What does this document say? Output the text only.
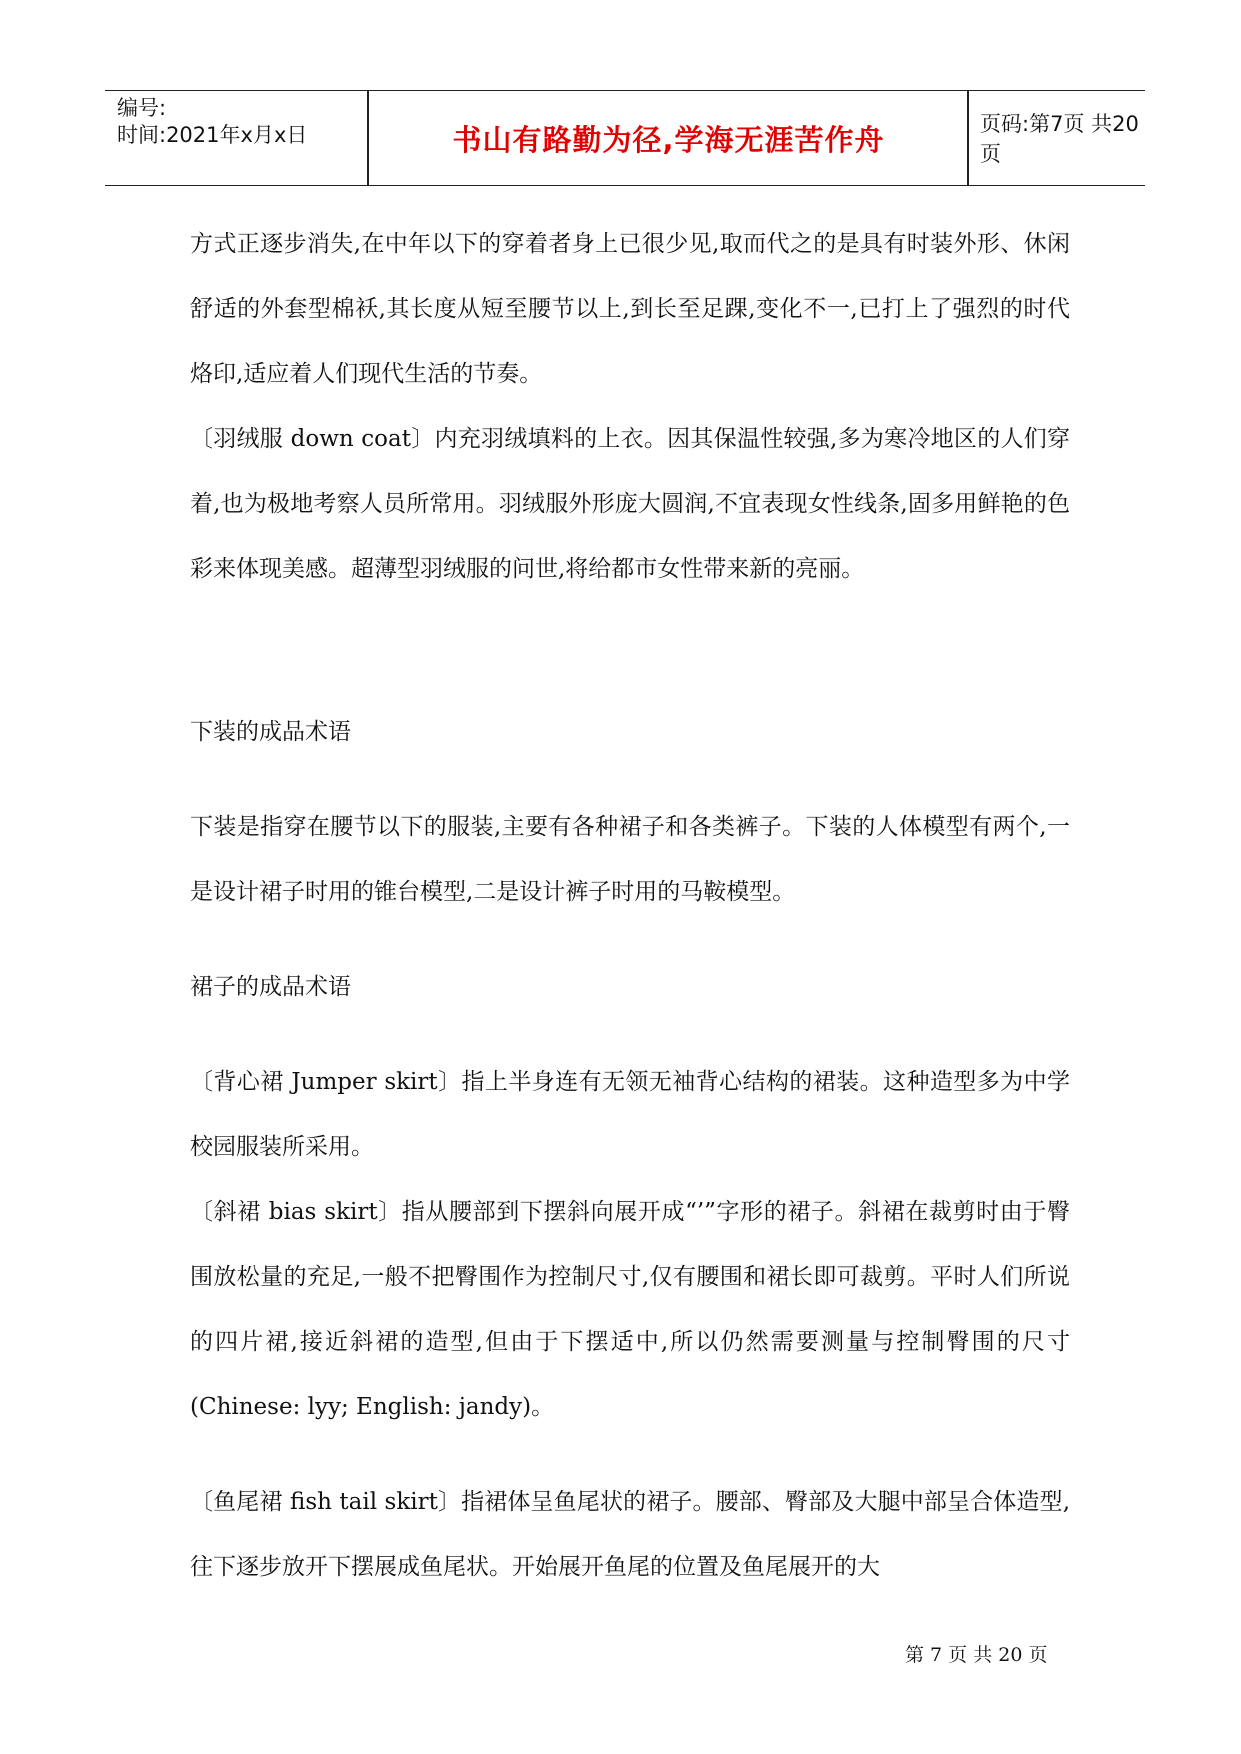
编号:
时间:2021年x月x日	书山有路勤为径,学海无涯苦作舟	页码:第7页 共20页

方式正逐步消失,在中年以下的穿着者身上已很少见,取而代之的是具有时装外形、休闲舒适的外套型棉袄,其长度从短至腰节以上,到长至足踝,变化不一,已打上了强烈的时代烙印,适应着人们现代生活的节奏。

〔羽绒服 down coat〕内充羽绒填料的上衣。因其保温性较强,多为寒冷地区的人们穿着,也为极地考察人员所常用。羽绒服外形庞大圆润,不宜表现女性线条,固多用鲜艳的色彩来体现美感。超薄型羽绒服的问世,将给都市女性带来新的亮丽。

下装的成品术语

下装是指穿在腰节以下的服装,主要有各种裙子和各类裤子。下装的人体模型有两个,一是设计裙子时用的锥台模型,二是设计裤子时用的马鞍模型。

裙子的成品术语

〔背心裙 Jumper skirt〕指上半身连有无领无袖背心结构的裙装。这种造型多为中学校园服装所采用。

〔斜裙 bias skirt〕指从腰部到下摆斜向展开成“’”字形的裙子。斜裙在裁剪时由于臀围放松量的充足,一般不把臀围作为控制尺寸,仅有腰围和裙长即可裁剪。平时人们所说的四片裙,接近斜裙的造型,但由于下摆适中,所以仍然需要测量与控制臀围的尺寸(Chinese: lyy; English: jandy)。

〔鱼尾裙 fish tail skirt〕指裙体呈鱼尾状的裙子。腰部、臀部及大腿中部呈合体造型,往下逐步放开下摆展成鱼尾状。开始展开鱼尾的位置及鱼尾展开的大

第 7 页 共 20 页
